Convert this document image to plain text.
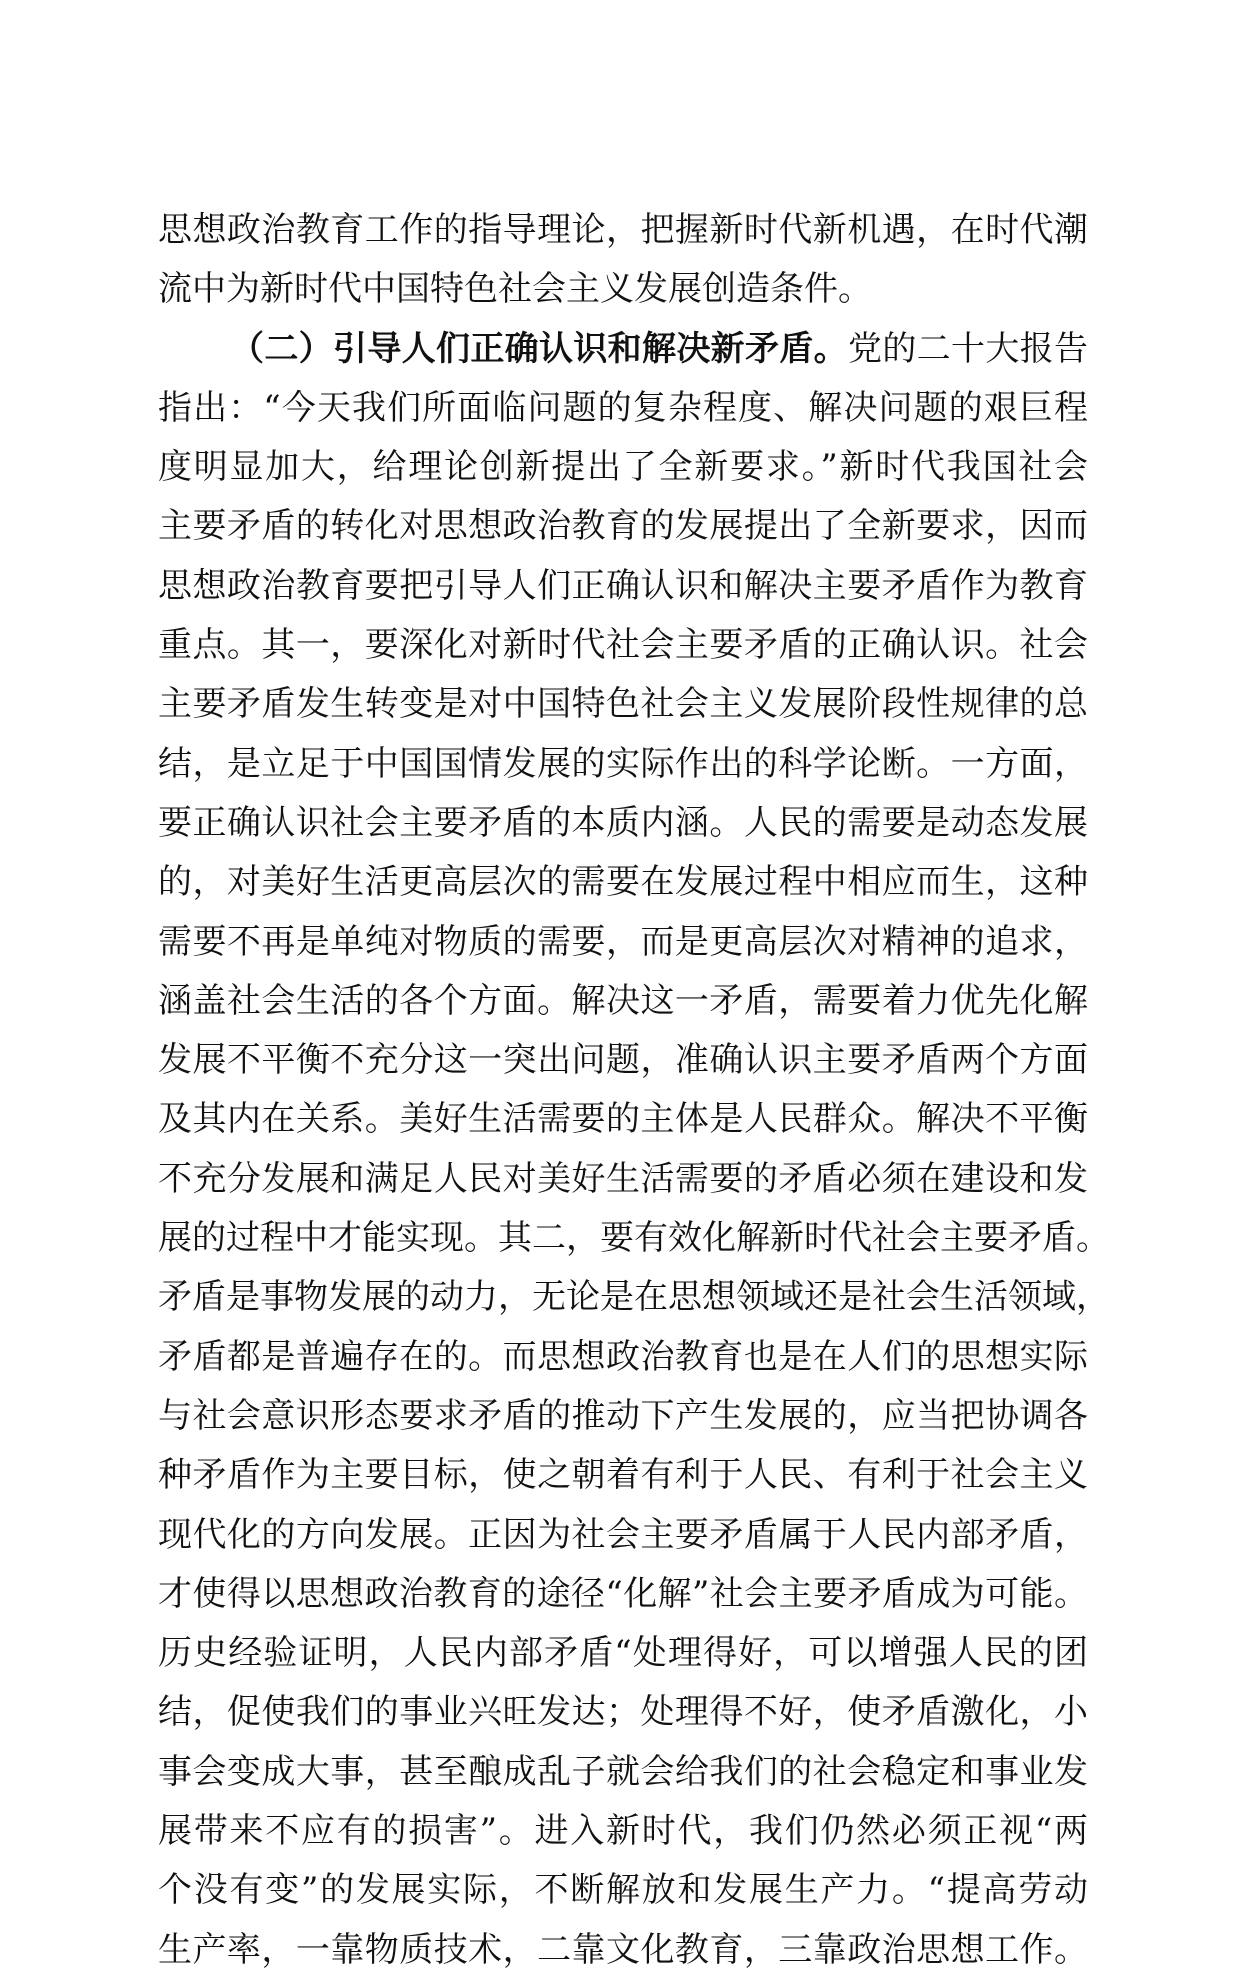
思想政治教育工作的指导理论，把握新时代新机遇，在时代潮
流中为新时代中国特色社会主义发展创造条件。
（二）引导人们正确认识和解决新矛盾。党的二十大报告
指出：“今天我们所面临问题的复杂程度、解决问题的艰巨程
度明显加大，给理论创新提出了全新要求。”新时代我国社会
主要矛盾的转化对思想政治教育的发展提出了全新要求，因而
思想政治教育要把引导人们正确认识和解决主要矛盾作为教育
重点。其一，要深化对新时代社会主要矛盾的正确认识。社会
主要矛盾发生转变是对中国特色社会主义发展阶段性规律的总
结，是立足于中国国情发展的实际作出的科学论断。一方面，
要正确认识社会主要矛盾的本质内涵。人民的需要是动态发展
的，对美好生活更高层次的需要在发展过程中相应而生，这种
需要不再是单纯对物质的需要，而是更高层次对精神的追求，
涵盖社会生活的各个方面。解决这一矛盾，需要着力优先化解
发展不平衡不充分这一突出问题，准确认识主要矛盾两个方面
及其内在关系。美好生活需要的主体是人民群众。解决不平衡
不充分发展和满足人民对美好生活需要的矛盾必须在建设和发
展的过程中才能实现。其二，要有效化解新时代社会主要矛盾。
矛盾是事物发展的动力，无论是在思想领域还是社会生活领域，
矛盾都是普遍存在的。而思想政治教育也是在人们的思想实际
与社会意识形态要求矛盾的推动下产生发展的，应当把协调各
种矛盾作为主要目标，使之朝着有利于人民、有利于社会主义
现代化的方向发展。正因为社会主要矛盾属于人民内部矛盾，
才使得以思想政治教育的途径“化解”社会主要矛盾成为可能。
历史经验证明，人民内部矛盾“处理得好，可以增强人民的团
结，促使我们的事业兴旺发达；处理得不好，使矛盾激化，小
事会变成大事，甚至酿成乱子就会给我们的社会稳定和事业发
展带来不应有的损害”。进入新时代，我们仍然必须正视“两
个没有变”的发展实际，不断解放和发展生产力。“提高劳动
生产率，一靠物质技术，二靠文化教育，三靠政治思想工作。
